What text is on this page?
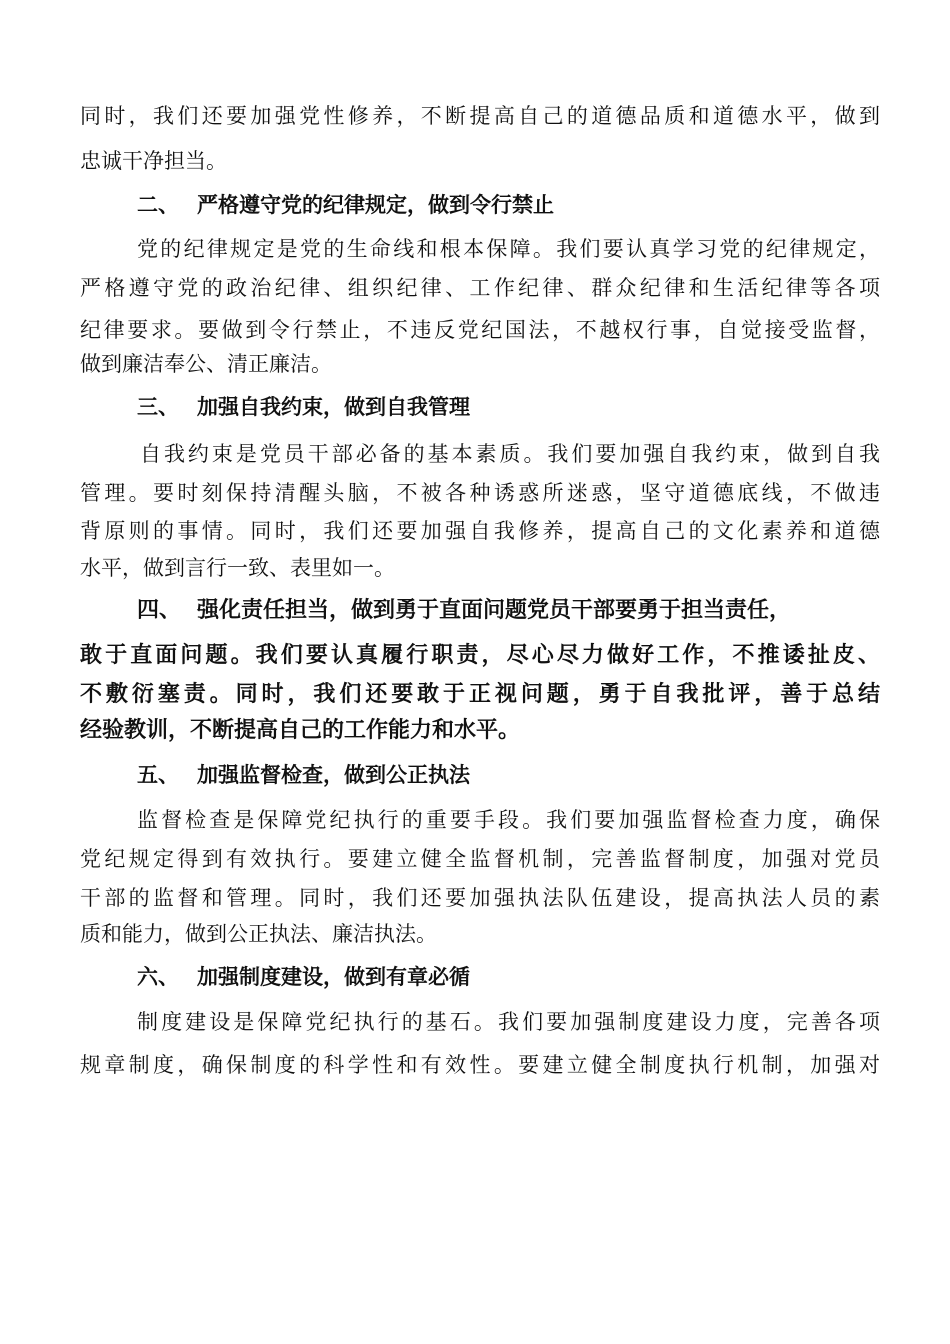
同时，我们还要加强党性修养，不断提高自己的道德品质和道德水平，做到
忠诚干净担当。
二、 严格遵守党的纪律规定，做到令行禁止
党的纪律规定是党的生命线和根本保障。我们要认真学习党的纪律规定，
严格遵守党的政治纪律、组织纪律、工作纪律、群众纪律和生活纪律等各项
纪律要求。要做到令行禁止，不违反党纪国法，不越权行事，自觉接受监督，
做到廉洁奉公、清正廉洁。
三、 加强自我约束，做到自我管理
自我约束是党员干部必备的基本素质。我们要加强自我约束，做到自我
管理。要时刻保持清醒头脑，不被各种诱惑所迷惑，坚守道德底线，不做违
背原则的事情。同时，我们还要加强自我修养，提高自己的文化素养和道德
水平，做到言行一致、表里如一。
四、 强化责任担当，做到勇于直面问题党员干部要勇于担当责任，
敢于直面问题。我们要认真履行职责，尽心尽力做好工作，不推诿扯皮、
不敷衍塞责。同时，我们还要敢于正视问题，勇于自我批评，善于总结
经验教训，不断提高自己的工作能力和水平。
五、 加强监督检查，做到公正执法
监督检查是保障党纪执行的重要手段。我们要加强监督检查力度，确保
党纪规定得到有效执行。要建立健全监督机制，完善监督制度，加强对党员
干部的监督和管理。同时，我们还要加强执法队伍建设，提高执法人员的素
质和能力，做到公正执法、廉洁执法。
六、 加强制度建设，做到有章必循
制度建设是保障党纪执行的基石。我们要加强制度建设力度，完善各项
规章制度，确保制度的科学性和有效性。要建立健全制度执行机制，加强对
